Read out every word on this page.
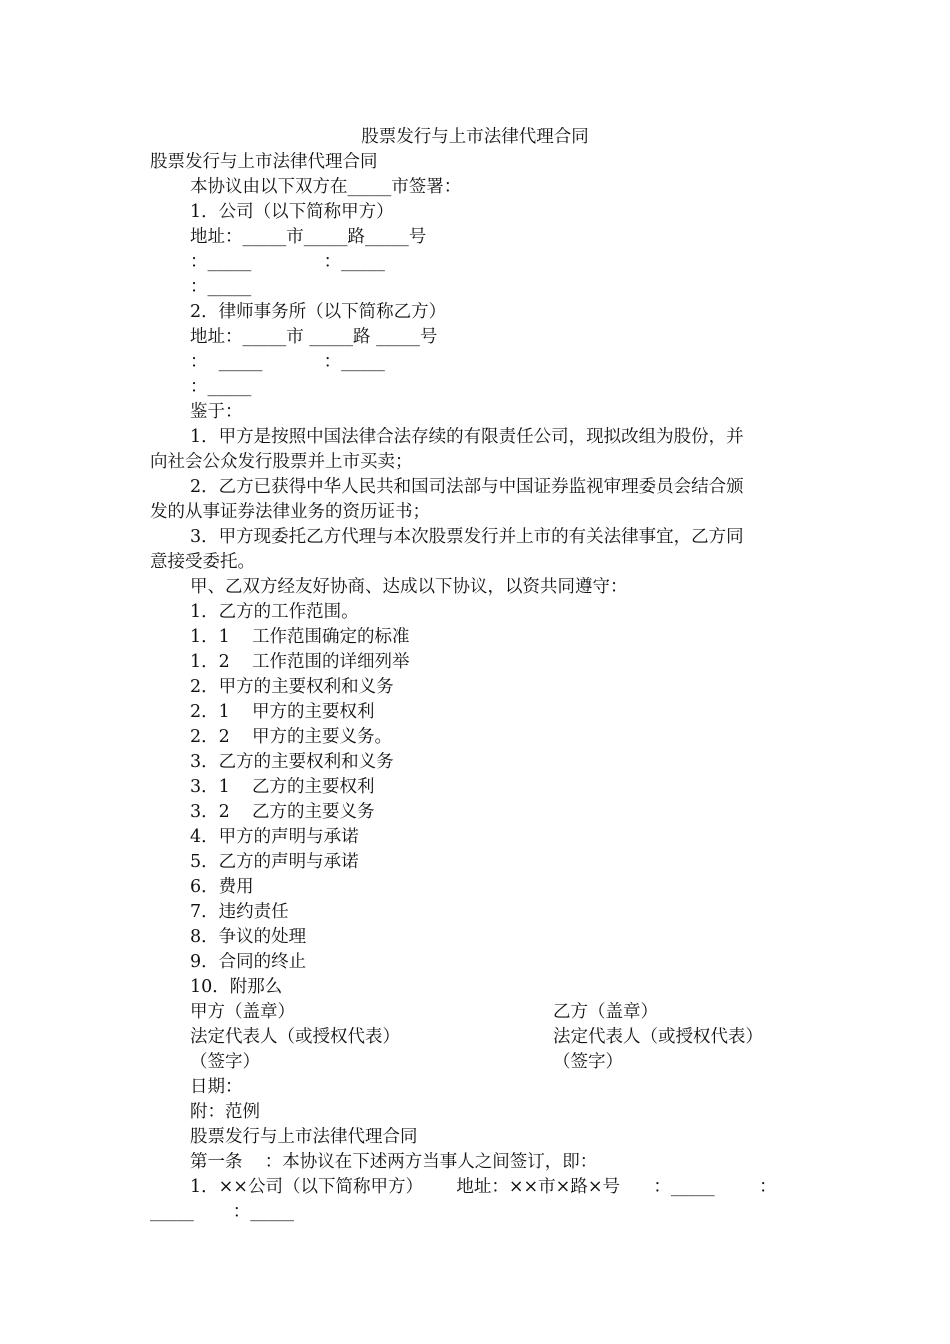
股票发行与上市法律代理合同
股票发行与上市法律代理合同
本协议由以下双方在_____市签署：
1．公司（以下简称甲方）
地址：_____市_____路_____号
：_____             ：_____
：_____
2．律师事务所（以下简称乙方）
地址：_____市 _____路 _____号
：  _____           ：_____
：_____
鉴于：
1．甲方是按照中国法律合法存续的有限责任公司，现拟改组为股份，并
向社会公众发行股票并上市买卖；
2．乙方已获得中华人民共和国司法部与中国证券监视审理委员会结合颁
发的从事证券法律业务的资历证书；
3．甲方现委托乙方代理与本次股票发行并上市的有关法律事宜，乙方同
意接受委托。
甲、乙双方经友好协商、达成以下协议，以资共同遵守：
1．乙方的工作范围。
1．1    工作范围确定的标准
1．2    工作范围的详细列举
2．甲方的主要权利和义务
2．1    甲方的主要权利
2．2    甲方的主要义务。
3．乙方的主要权利和义务
3．1    乙方的主要权利
3．2    乙方的主要义务
4．甲方的声明与承诺
5．乙方的声明与承诺
6．费用
7．违约责任
8．争议的处理
9．合同的终止
10．附那么
甲方（盖章）	乙方（盖章）
法定代表人（或授权代表）	法定代表人（或授权代表）
（签字）	（签字）
日期：
附：范例
股票发行与上市法律代理合同
第一条    ：本协议在下述两方当事人之间签订，即：
1．××公司（以下简称甲方）      地址：××市×路×号      ：_____        ：
_____       ：_____
